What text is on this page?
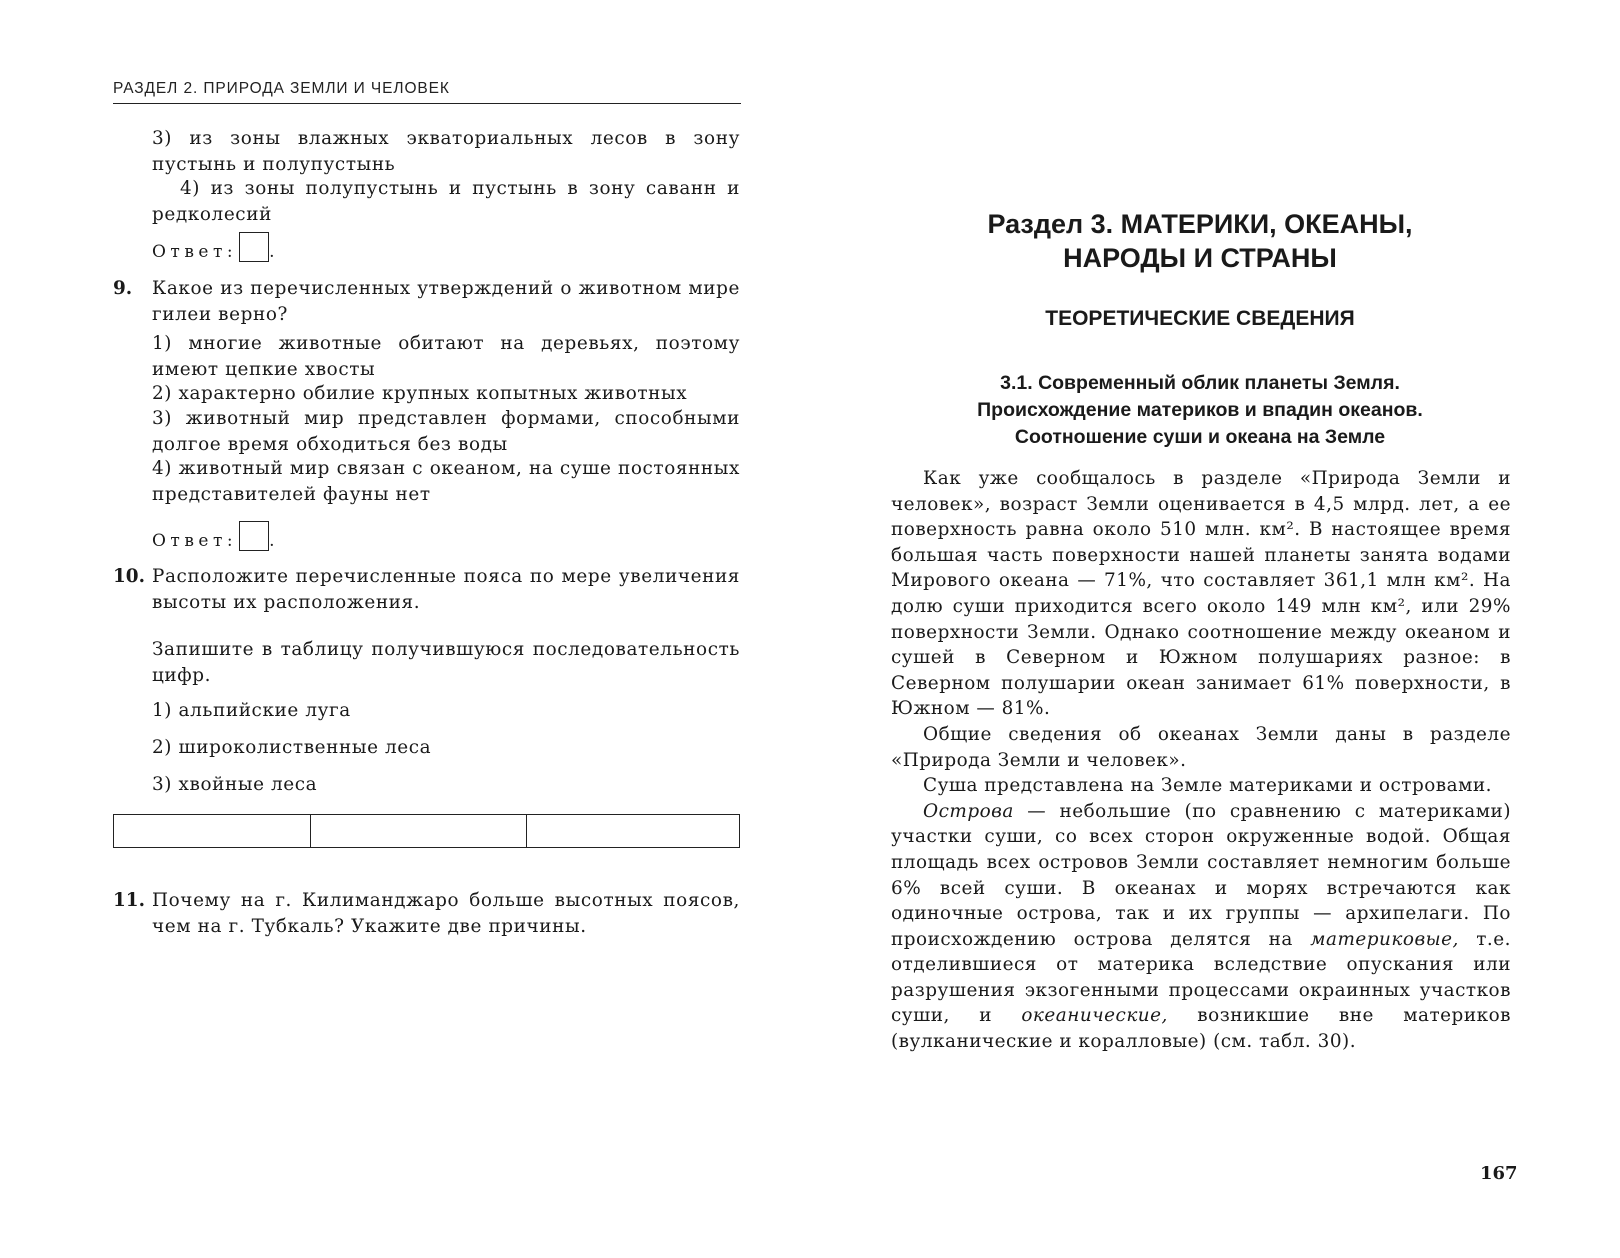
РАЗДЕЛ 2. ПРИРОДА ЗЕМЛИ И ЧЕЛОВЕК
3) из зоны влажных экваториальных лесов в зону пустынь и полупустынь
4) из зоны полупустынь и пустынь в зону саванн и редколесий
Ответ: .
9. Какое из перечисленных утверждений о животном мире гилеи верно?
1) многие животные обитают на деревьях, поэтому имеют цепкие хвосты
2) характерно обилие крупных копытных животных
3) животный мир представлен формами, способными долгое время обходиться без воды
4) животный мир связан с океаном, на суше постоянных представителей фауны нет
Ответ: .
10. Расположите перечисленные пояса по мере увеличения высоты их расположения.
Запишите в таблицу получившуюся последовательность цифр.
1) альпийские луга
2) широколиственные леса
3) хвойные леса

11. Почему на г. Килиманджаро больше высотных поясов, чем на г. Тубкаль? Укажите две причины.
Раздел 3. МАТЕРИКИ, ОКЕАНЫ,
НАРОДЫ И СТРАНЫ
ТЕОРЕТИЧЕСКИЕ СВЕДЕНИЯ
3.1. Современный облик планеты Земля.
Происхождение материков и впадин океанов.
Соотношение суши и океана на Земле

Как уже сообщалось в разделе «Природа Земли и человек», возраст Земли оценивается в 4,5 млрд. лет, а ее поверхность равна около 510 млн. км². В настоящее время большая часть поверхности нашей планеты занята водами Мирового океана — 71%, что составляет 361,1 млн км². На долю суши приходится всего около 149 млн км², или 29% поверхности Земли. Однако соотношение между океаном и сушей в Северном и Южном полушариях разное: в Северном полушарии океан занимает 61% поверхности, в Южном — 81%.

Общие сведения об океанах Земли даны в разделе «Природа Земли и человек».

Суша представлена на Земле материками и островами.

Острова — небольшие (по сравнению с материками) участки суши, со всех сторон окруженные водой. Общая площадь всех островов Земли составляет немногим больше 6% всей суши. В океанах и морях встречаются как одиночные острова, так и их группы — архипелаги. По происхождению острова делятся на материковые, т.е. отделившиеся от материка вследствие опускания или разрушения экзогенными процессами окраинных участков суши, и океанические, возникшие вне материков (вулканические и коралловые) (см. табл. 30).

167
